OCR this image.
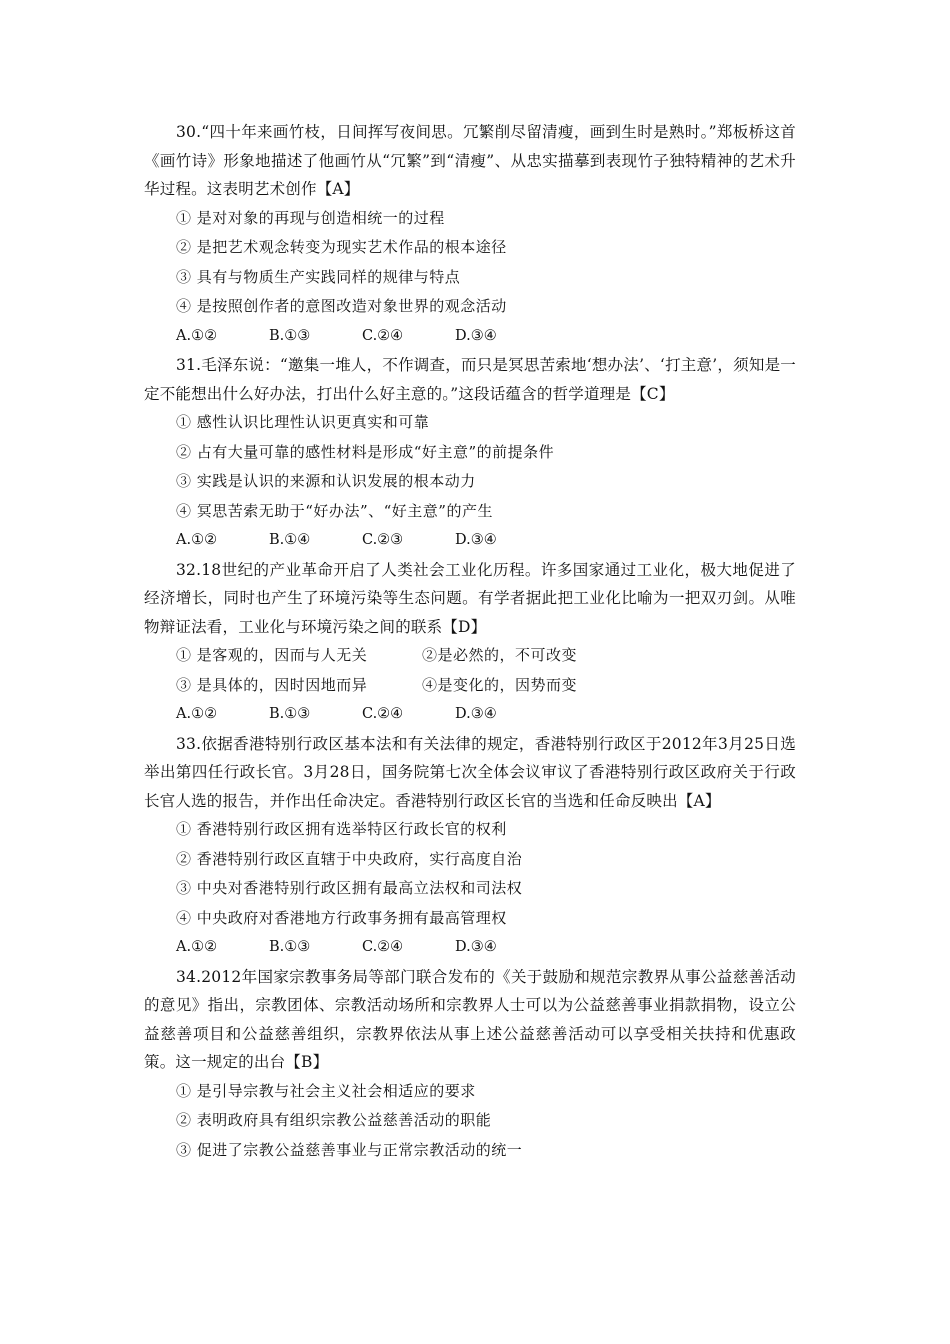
30.“四十年来画竹枝，日间挥写夜间思。冗繁削尽留清瘦，画到生时是熟时。”郑板桥这首《画竹诗》形象地描述了他画竹从“冗繁”到“清瘦”、从忠实描摹到表现竹子独特精神的艺术升华过程。这表明艺术创作【A】

① 是对对象的再现与创造相统一的过程

② 是把艺术观念转变为现实艺术作品的根本途径

③ 具有与物质生产实践同样的规律与特点

④ 是按照创作者的意图改造对象世界的观念活动

A.①②	B.①③	C.②④	D.③④

31.毛泽东说：“邀集一堆人，不作调查，而只是冥思苦索地‘想办法’、‘打主意’，须知是一定不能想出什么好办法，打出什么好主意的。”这段话蕴含的哲学道理是【C】

① 感性认识比理性认识更真实和可靠

② 占有大量可靠的感性材料是形成“好主意”的前提条件

③ 实践是认识的来源和认识发展的根本动力

④ 冥思苦索无助于“好办法”、“好主意”的产生

A.①②	B.①④	C.②③	D.③④

32.18世纪的产业革命开启了人类社会工业化历程。许多国家通过工业化，极大地促进了经济增长，同时也产生了环境污染等生态问题。有学者据此把工业化比喻为一把双刃剑。从唯物辩证法看，工业化与环境污染之间的联系【D】

① 是客观的，因而与人无关	②是必然的，不可改变
③ 是具体的，因时因地而异	④是变化的，因势而变
A.①②	B.①③	C.②④	D.③④

33.依据香港特别行政区基本法和有关法律的规定，香港特别行政区于2012年3月25日选举出第四任行政长官。3月28日，国务院第七次全体会议审议了香港特别行政区政府关于行政长官人选的报告，并作出任命决定。香港特别行政区长官的当选和任命反映出【A】

① 香港特别行政区拥有选举特区行政长官的权利

② 香港特别行政区直辖于中央政府，实行高度自治

③ 中央对香港特别行政区拥有最高立法权和司法权

④ 中央政府对香港地方行政事务拥有最高管理权

A.①②	B.①③	C.②④	D.③④

34.2012年国家宗教事务局等部门联合发布的《关于鼓励和规范宗教界从事公益慈善活动的意见》指出，宗教团体、宗教活动场所和宗教界人士可以为公益慈善事业捐款捐物，设立公益慈善项目和公益慈善组织，宗教界依法从事上述公益慈善活动可以享受相关扶持和优惠政策。这一规定的出台【B】

① 是引导宗教与社会主义社会相适应的要求

② 表明政府具有组织宗教公益慈善活动的职能

③ 促进了宗教公益慈善事业与正常宗教活动的统一
